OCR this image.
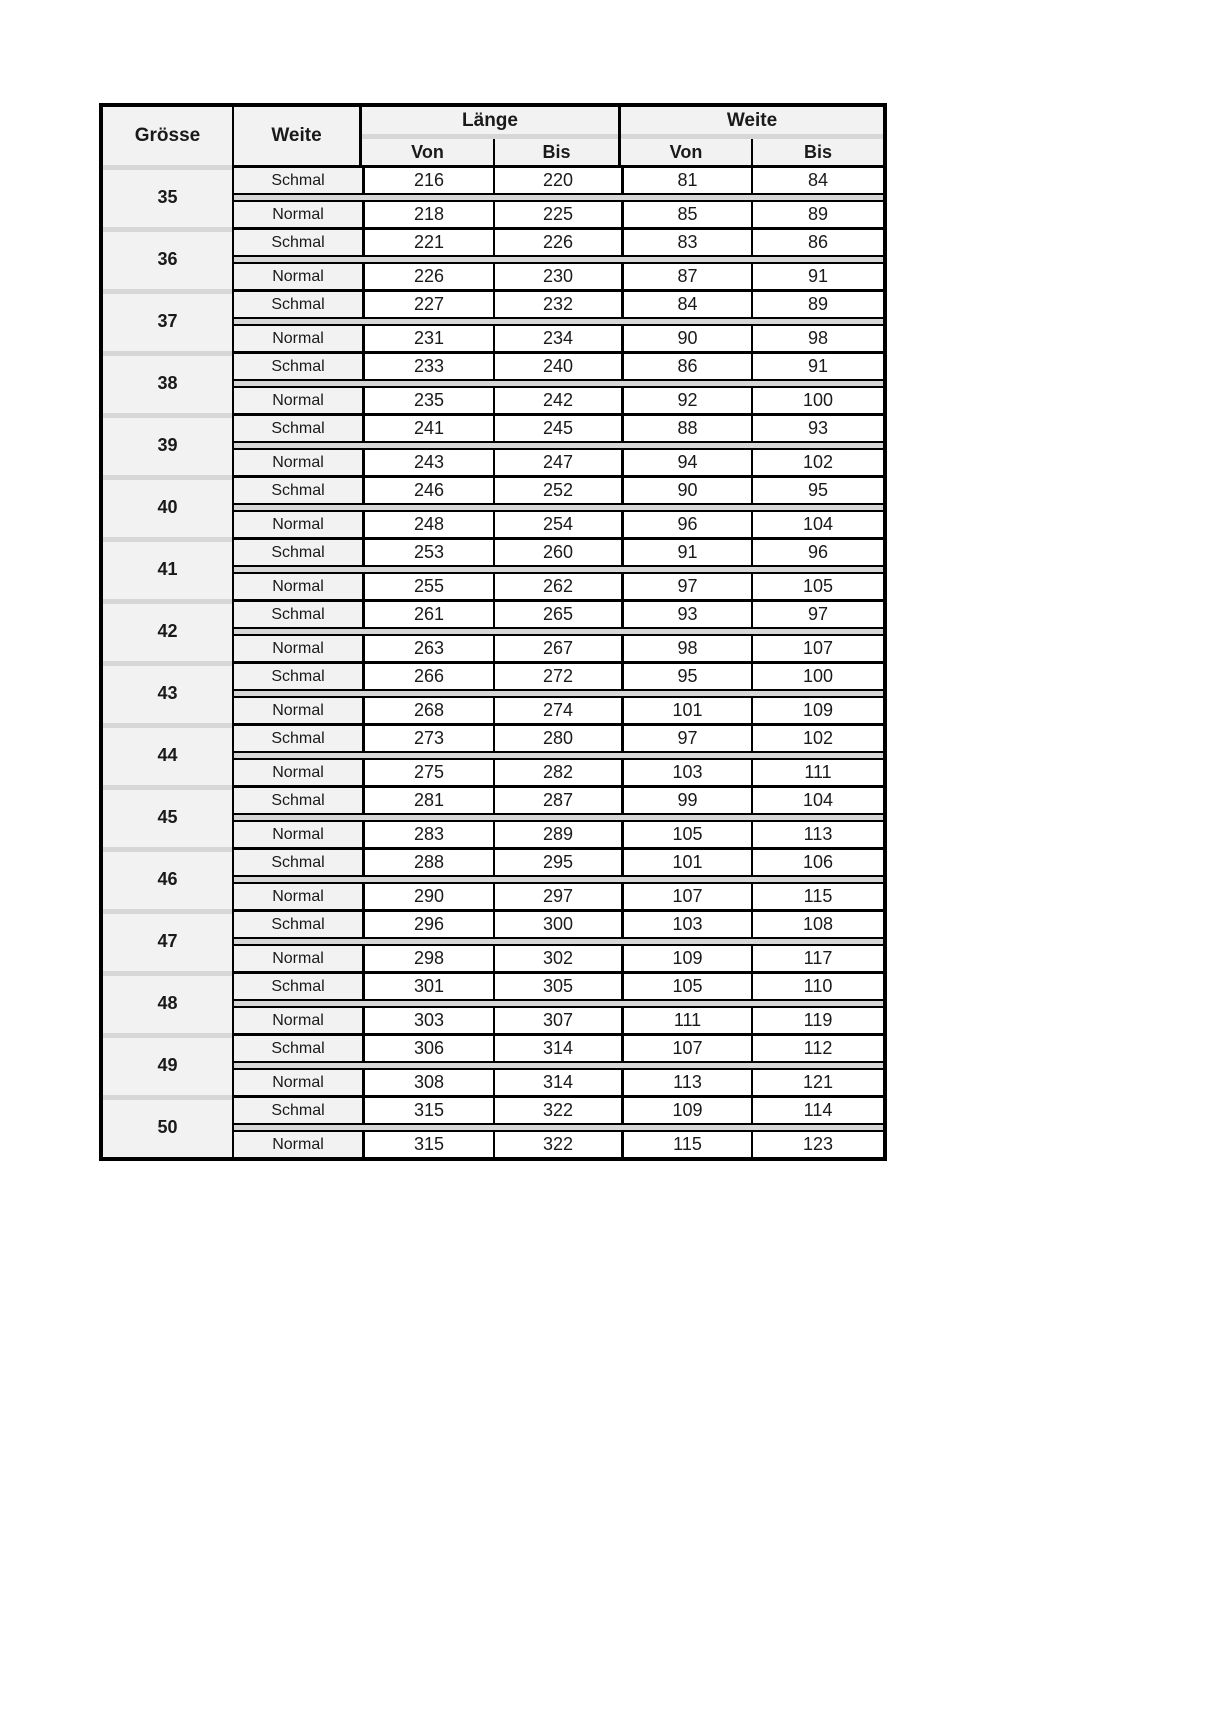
Grösse	Weite
Länge
Von	Bis
Weite
Von	Bis
35
Schmal	216	220	81	84
Normal	218	225	85	89
36
Schmal	221	226	83	86
Normal	226	230	87	91
37
Schmal	227	232	84	89
Normal	231	234	90	98
38
Schmal	233	240	86	91
Normal	235	242	92	100
39
Schmal	241	245	88	93
Normal	243	247	94	102
40
Schmal	246	252	90	95
Normal	248	254	96	104
41
Schmal	253	260	91	96
Normal	255	262	97	105
42
Schmal	261	265	93	97
Normal	263	267	98	107
43
Schmal	266	272	95	100
Normal	268	274	101	109
44
Schmal	273	280	97	102
Normal	275	282	103	111
45
Schmal	281	287	99	104
Normal	283	289	105	113
46
Schmal	288	295	101	106
Normal	290	297	107	115
47
Schmal	296	300	103	108
Normal	298	302	109	117
48
Schmal	301	305	105	110
Normal	303	307	111	119
49
Schmal	306	314	107	112
Normal	308	314	113	121
50
Schmal	315	322	109	114
Normal	315	322	115	123
